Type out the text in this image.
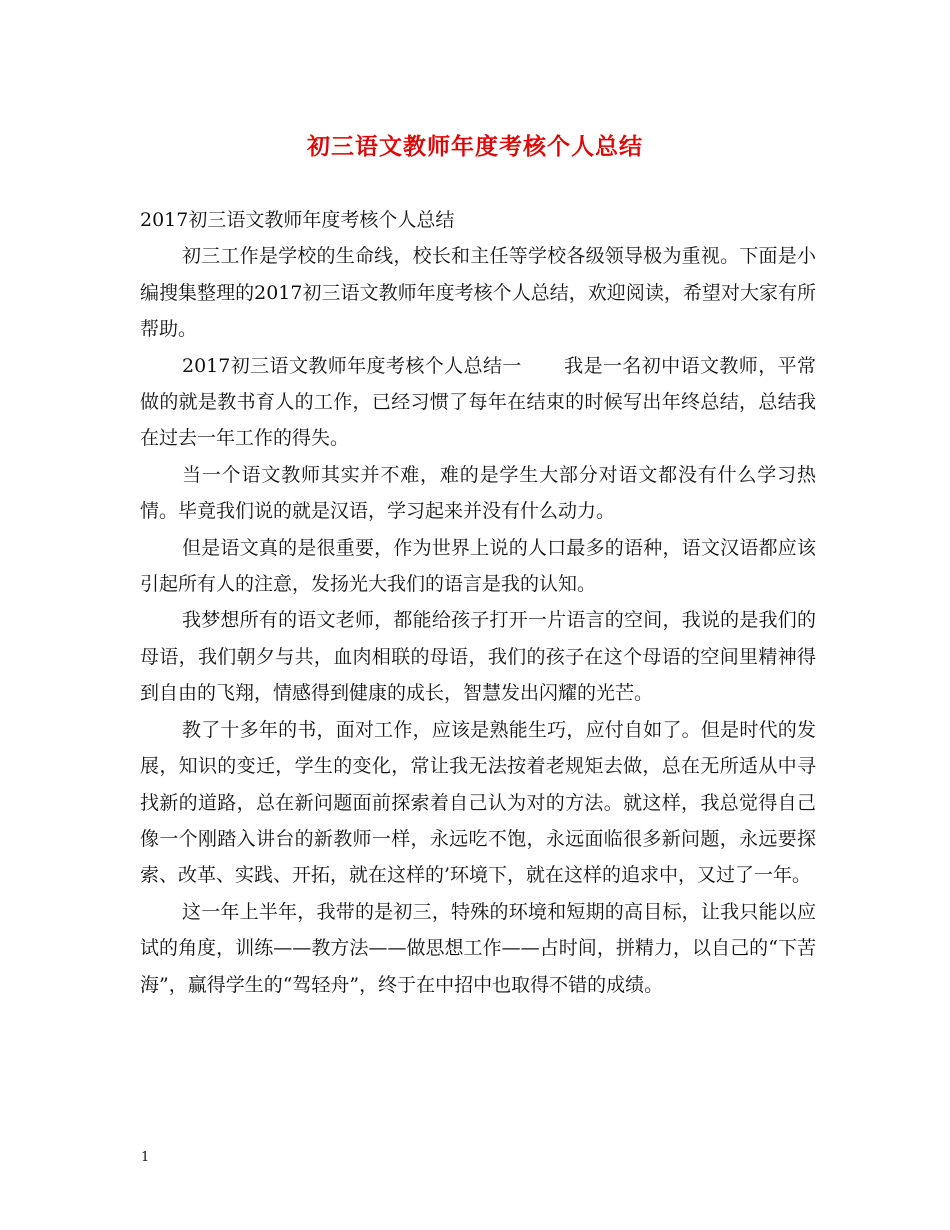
初三语文教师年度考核个人总结

2017初三语文教师年度考核个人总结

初三工作是学校的生命线，校长和主任等学校各级领导极为重视。下面是小编搜集整理的2017初三语文教师年度考核个人总结，欢迎阅读，希望对大家有所帮助。

2017初三语文教师年度考核个人总结一 我是一名初中语文教师，平常做的就是教书育人的工作，已经习惯了每年在结束的时候写出年终总结，总结我在过去一年工作的得失。

当一个语文教师其实并不难，难的是学生大部分对语文都没有什么学习热情。毕竟我们说的就是汉语，学习起来并没有什么动力。

但是语文真的是很重要，作为世界上说的人口最多的语种，语文汉语都应该引起所有人的注意，发扬光大我们的语言是我的认知。

我梦想所有的语文老师，都能给孩子打开一片语言的空间，我说的是我们的母语，我们朝夕与共，血肉相联的母语，我们的孩子在这个母语的空间里精神得到自由的飞翔，情感得到健康的成长，智慧发出闪耀的光芒。

教了十多年的书，面对工作，应该是熟能生巧，应付自如了。但是时代的发展，知识的变迁，学生的变化，常让我无法按着老规矩去做，总在无所适从中寻找新的道路，总在新问题面前探索着自己认为对的方法。就这样，我总觉得自己像一个刚踏入讲台的新教师一样，永远吃不饱，永远面临很多新问题，永远要探索、改革、实践、开拓，就在这样的’环境下，就在这样的追求中，又过了一年。

这一年上半年，我带的是初三，特殊的环境和短期的高目标，让我只能以应试的角度，训练——教方法——做思想工作——占时间，拼精力，以自己的“下苦海”，赢得学生的“驾轻舟”，终于在中招中也取得不错的成绩。

1
